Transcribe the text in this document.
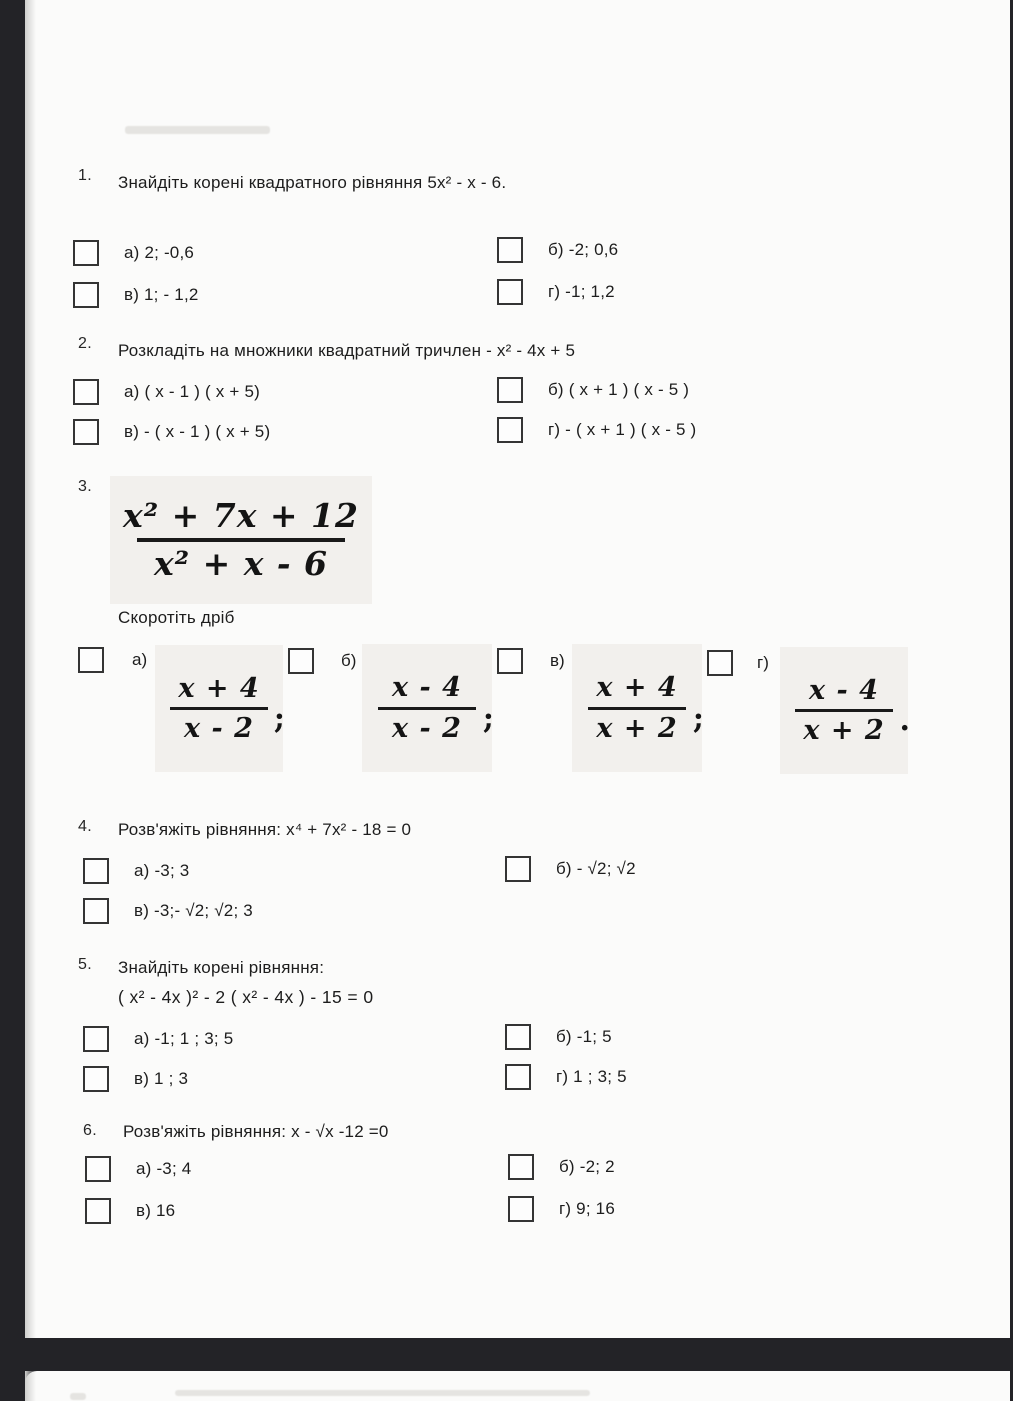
1. Знайдіть корені квадратного рівняння 5x² - x - 6.
а) 2; -0,6	б) -2; 0,6
в) 1; - 1,2	г) -1; 1,2
2. Розкладіть на множники квадратний тричлен - x² - 4x + 5
а) ( x - 1 ) ( x + 5)	б) ( x + 1 ) ( x - 5 )
в) - ( x - 1 ) ( x + 5)	г) - ( x + 1 ) ( x - 5 )
3.
x² + 7x + 12
x² + x - 6
Скоротіть дріб
а)
x + 4
x - 2 ;
б)
x - 4
x - 2 ;
в)
x + 4
x + 2 ;
г)
x - 4
x + 2 .
4. Розв'яжіть рівняння: x⁴ + 7x² - 18 = 0
а) -3; 3	б) - √2; √2
в) -3;- √2; √2; 3
5. Знайдіть корені рівняння:
( x² - 4x )² - 2 ( x² - 4x ) - 15 = 0
а) -1; 1 ; 3; 5	б) -1; 5
в) 1 ; 3	г) 1 ; 3; 5
6. Розв'яжіть рівняння: x - √x -12 =0
а) -3; 4	б) -2; 2
в) 16	г) 9; 16
